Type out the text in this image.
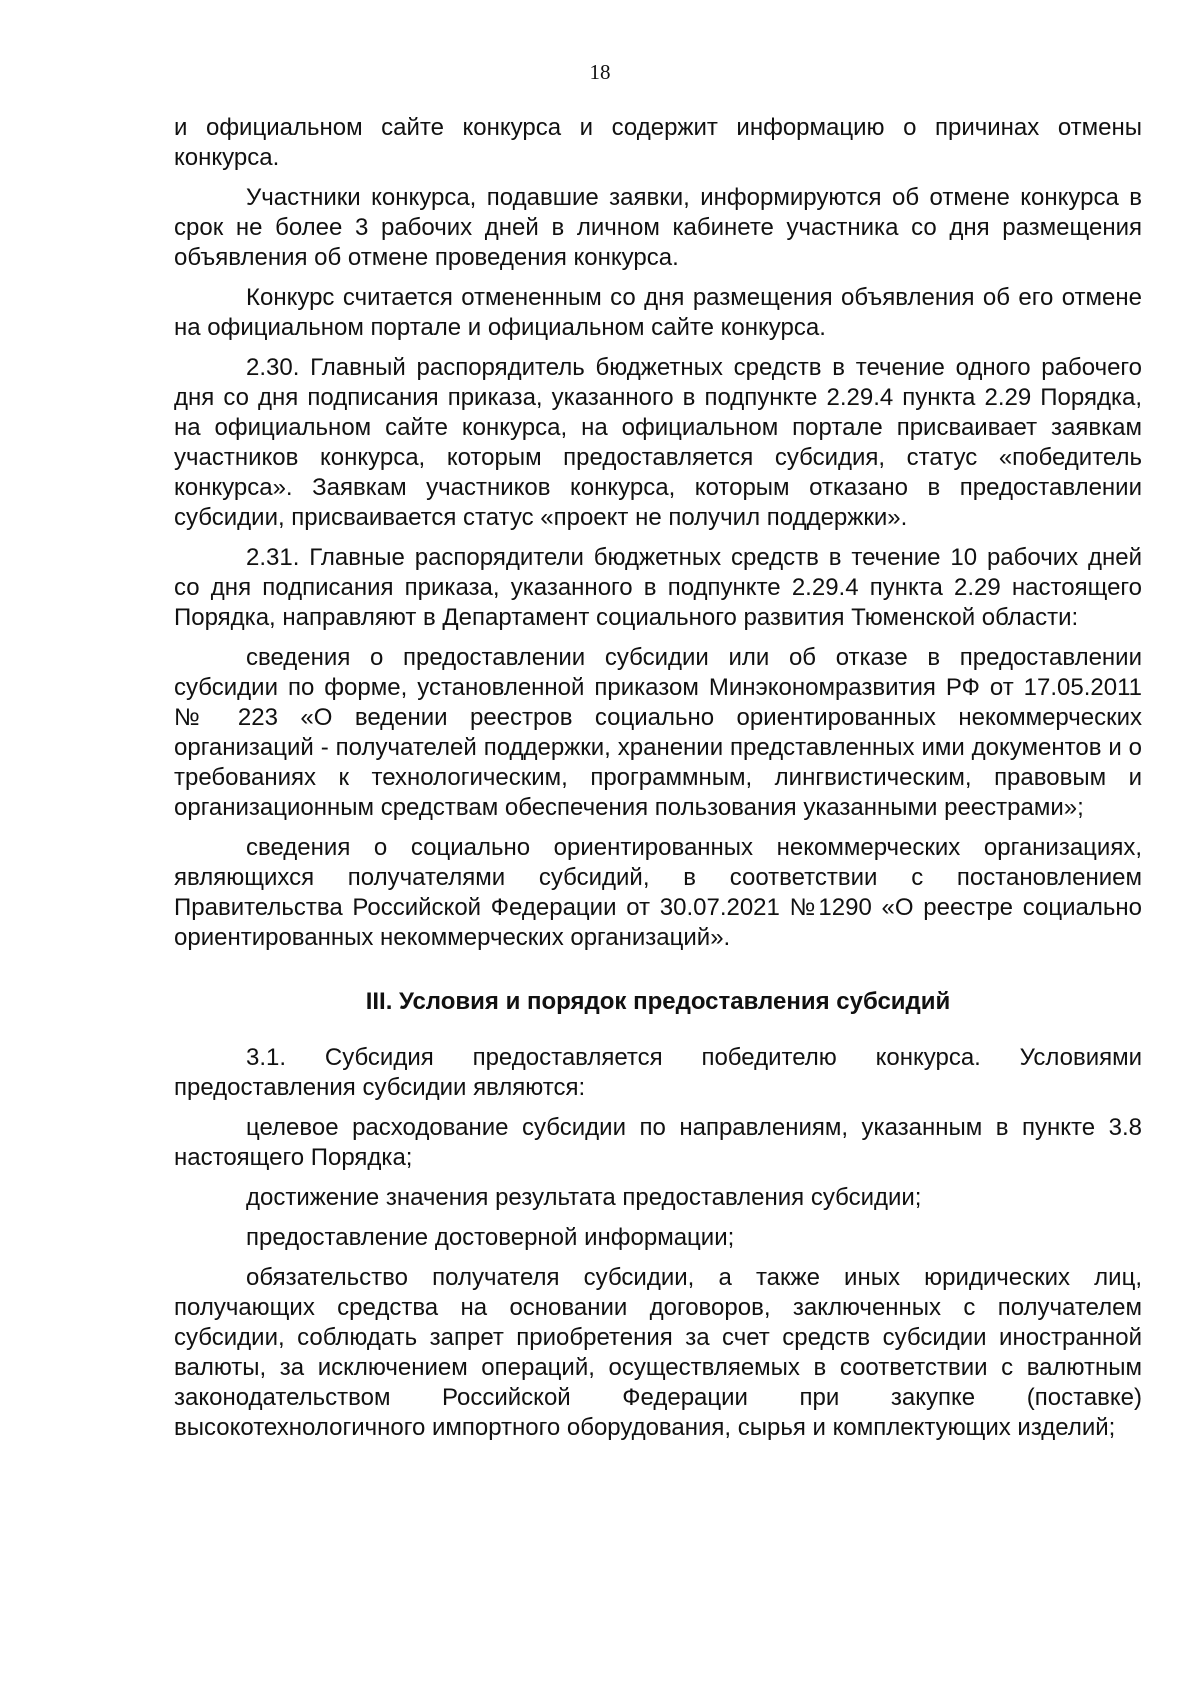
18

и официальном сайте конкурса и содержит информацию о причинах отмены конкурса.

Участники конкурса, подавшие заявки, информируются об отмене конкурса в срок не более 3 рабочих дней в личном кабинете участника со дня размещения объявления об отмене проведения конкурса.

Конкурс считается отмененным со дня размещения объявления об его отмене на официальном портале и официальном сайте конкурса.

2.30. Главный распорядитель бюджетных средств в течение одного рабочего дня со дня подписания приказа, указанного в подпункте 2.29.4 пункта 2.29 Порядка, на официальном сайте конкурса, на официальном портале присваивает заявкам участников конкурса, которым предоставляется субсидия, статус «победитель конкурса». Заявкам участников конкурса, которым отказано в предоставлении субсидии, присваивается статус «проект не получил поддержки».

2.31. Главные распорядители бюджетных средств в течение 10 рабочих дней со дня подписания приказа, указанного в подпункте 2.29.4 пункта 2.29 настоящего Порядка, направляют в Департамент социального развития Тюменской области:

сведения о предоставлении субсидии или об отказе в предоставлении субсидии по форме, установленной приказом Минэкономразвития РФ от 17.05.2011 № 223 «О ведении реестров социально ориентированных некоммерческих организаций - получателей поддержки, хранении представленных ими документов и о требованиях к технологическим, программным, лингвистическим, правовым и организационным средствам обеспечения пользования указанными реестрами»;

сведения о социально ориентированных некоммерческих организациях, являющихся получателями субсидий, в соответствии с постановлением Правительства Российской Федерации от 30.07.2021 №1290 «О реестре социально ориентированных некоммерческих организаций».

III. Условия и порядок предоставления субсидий

3.1. Субсидия предоставляется победителю конкурса. Условиями предоставления субсидии являются:

целевое расходование субсидии по направлениям, указанным в пункте 3.8 настоящего Порядка;

достижение значения результата предоставления субсидии;

предоставление достоверной информации;

обязательство получателя субсидии, а также иных юридических лиц, получающих средства на основании договоров, заключенных с получателем субсидии, соблюдать запрет приобретения за счет средств субсидии иностранной валюты, за исключением операций, осуществляемых в соответствии с валютным законодательством Российской Федерации при закупке (поставке) высокотехнологичного импортного оборудования, сырья и комплектующих изделий;
